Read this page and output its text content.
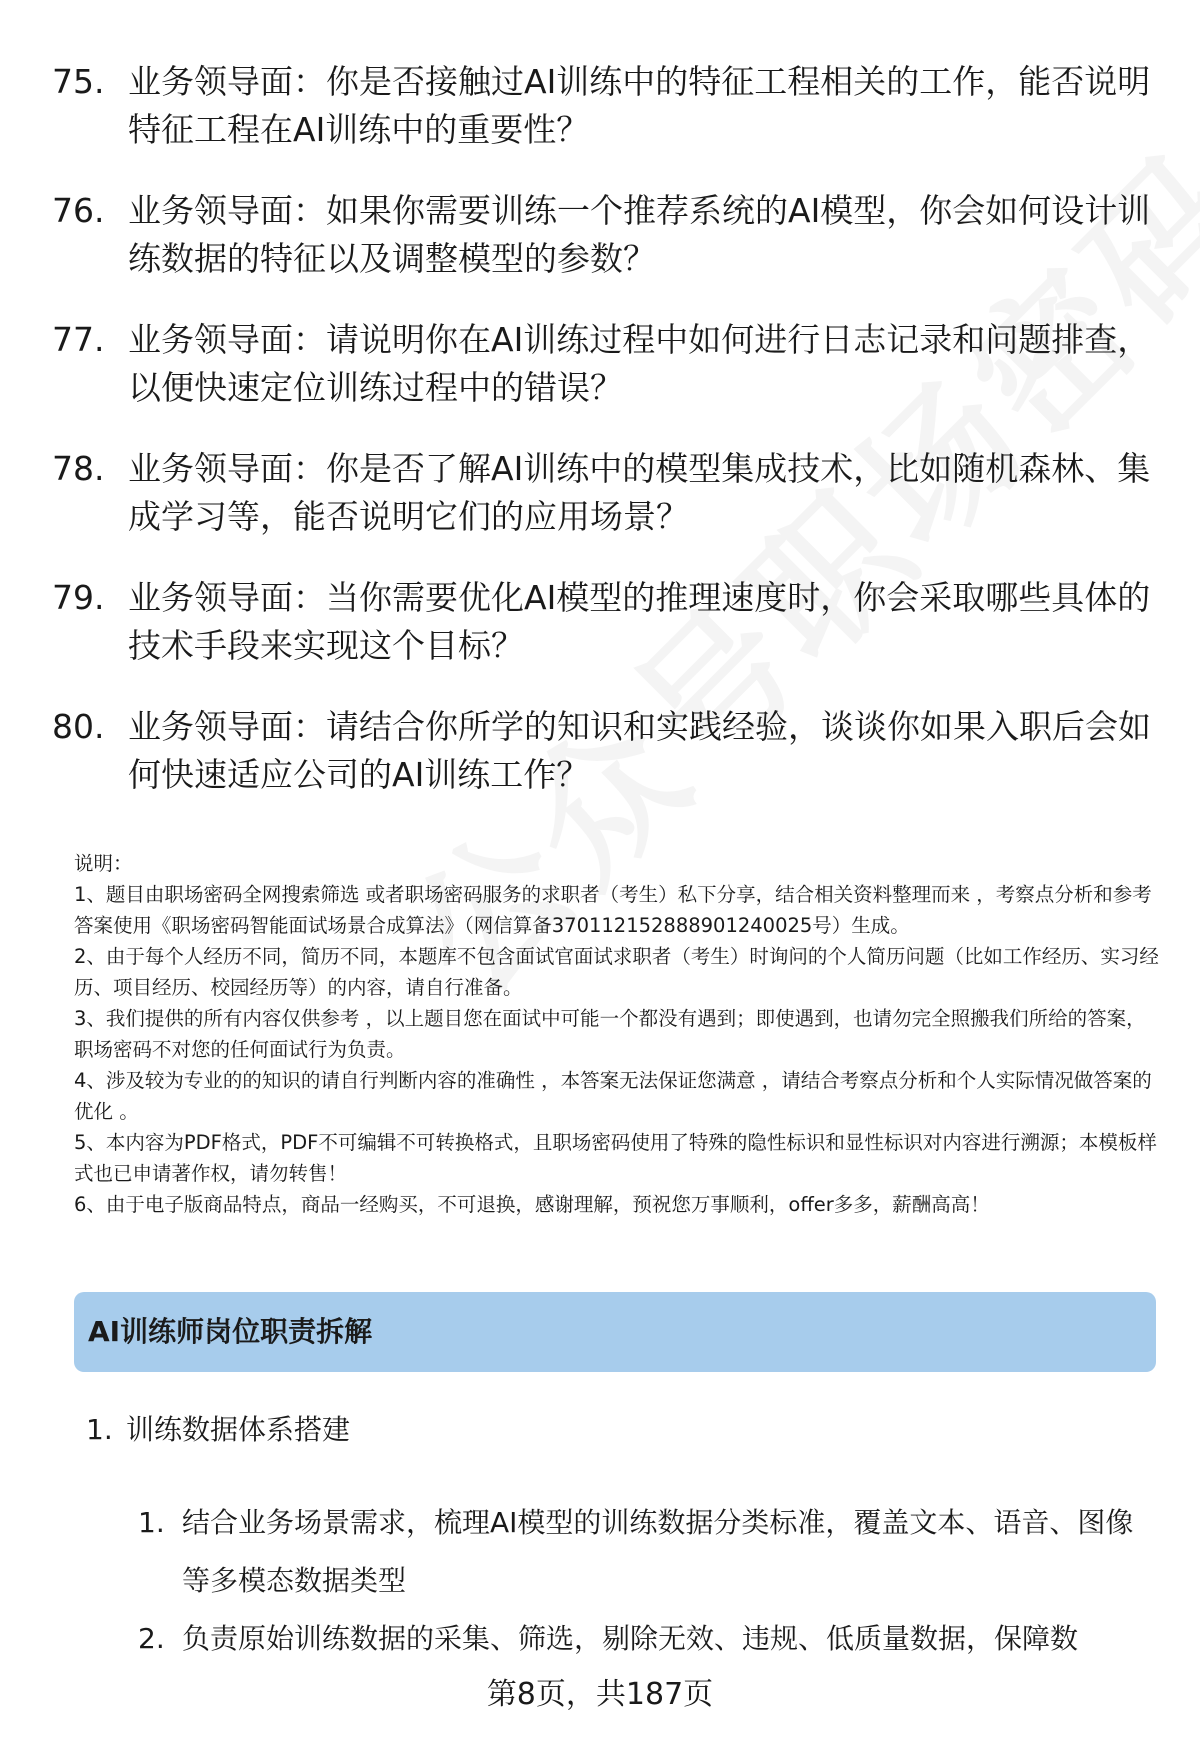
75. 业务领导面：你是否接触过AI训练中的特征工程相关的工作，能否说明特征工程在AI训练中的重要性？
76. 业务领导面：如果你需要训练一个推荐系统的AI模型，你会如何设计训练数据的特征以及调整模型的参数？
77. 业务领导面：请说明你在AI训练过程中如何进行日志记录和问题排查，以便快速定位训练过程中的错误？
78. 业务领导面：你是否了解AI训练中的模型集成技术，比如随机森林、集成学习等，能否说明它们的应用场景？
79. 业务领导面：当你需要优化AI模型的推理速度时，你会采取哪些具体的技术手段来实现这个目标？
80. 业务领导面：请结合你所学的知识和实践经验，谈谈你如果入职后会如何快速适应公司的AI训练工作？

说明：

1、题目由职场密码全网搜索筛选 或者职场密码服务的求职者（考生）私下分享，结合相关资料整理而来 ，考察点分析和参考答案使用《职场密码智能面试场景合成算法》（网信算备370112152888901240025号）生成。

2、由于每个人经历不同，简历不同，本题库不包含面试官面试求职者（考生）时询问的个人简历问题（比如工作经历、实习经历、项目经历、校园经历等）的内容，请自行准备。

3、我们提供的所有内容仅供参考 ，以上题目您在面试中可能一个都没有遇到；即使遇到，也请勿完全照搬我们所给的答案，职场密码不对您的任何面试行为负责。

4、涉及较为专业的的知识的请自行判断内容的准确性 ，本答案无法保证您满意 ，请结合考察点分析和个人实际情况做答案的优化 。

5、本内容为PDF格式，PDF不可编辑不可转换格式，且职场密码使用了特殊的隐性标识和显性标识对内容进行溯源；本模板样式也已申请著作权，请勿转售！

6、由于电子版商品特点，商品一经购买，不可退换，感谢理解，预祝您万事顺利，offer多多，薪酬高高！

AI训练师岗位职责拆解
1. 训练数据体系搭建
1. 结合业务场景需求，梳理AI模型的训练数据分类标准，覆盖文本、语音、图像等多模态数据类型
2. 负责原始训练数据的采集、筛选，剔除无效、违规、低质量数据，保障数
第8页，共187页
